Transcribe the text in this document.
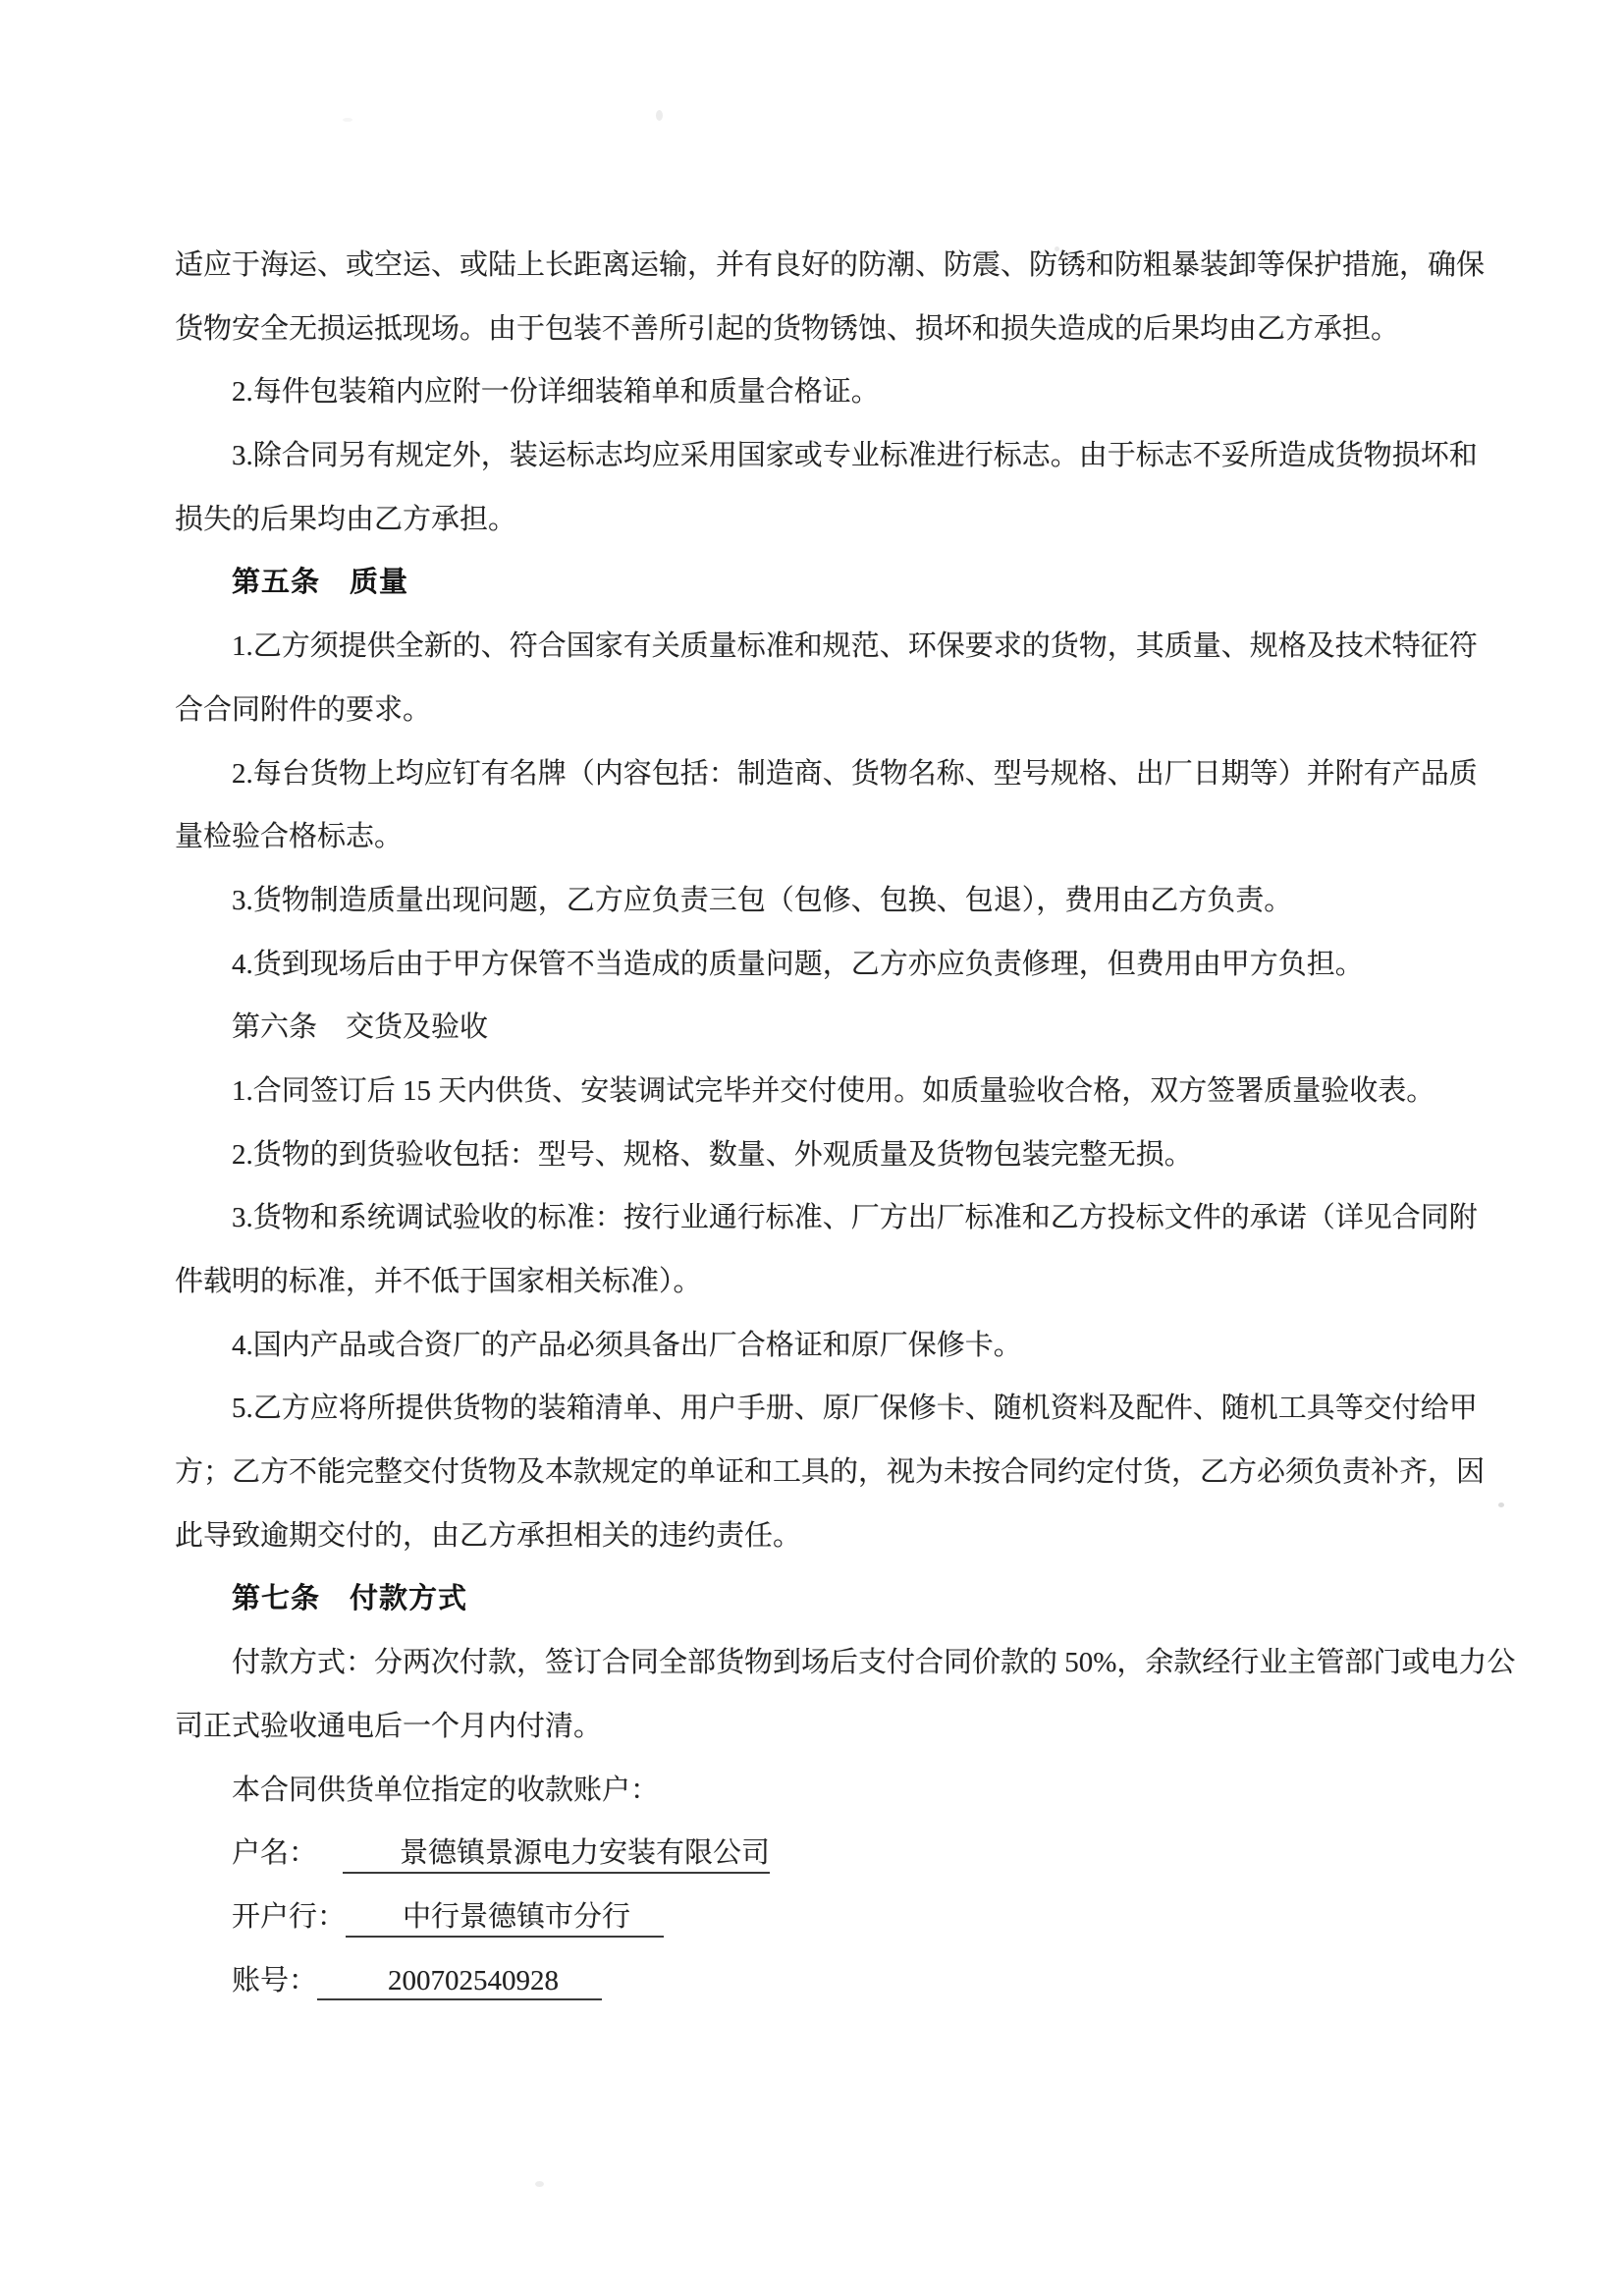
适应于海运、或空运、或陆上长距离运输，并有良好的防潮、防震、防锈和防粗暴装卸等保护措施，确保
货物安全无损运抵现场。由于包装不善所引起的货物锈蚀、损坏和损失造成的后果均由乙方承担。
2.每件包装箱内应附一份详细装箱单和质量合格证。
3.除合同另有规定外，装运标志均应采用国家或专业标准进行标志。由于标志不妥所造成货物损坏和
损失的后果均由乙方承担。
第五条　质量
1.乙方须提供全新的、符合国家有关质量标准和规范、环保要求的货物，其质量、规格及技术特征符
合合同附件的要求。
2.每台货物上均应钉有名牌（内容包括：制造商、货物名称、型号规格、出厂日期等）并附有产品质
量检验合格标志。
3.货物制造质量出现问题，乙方应负责三包（包修、包换、包退），费用由乙方负责。
4.货到现场后由于甲方保管不当造成的质量问题，乙方亦应负责修理，但费用由甲方负担。
第六条　交货及验收
1.合同签订后 15 天内供货、安装调试完毕并交付使用。如质量验收合格，双方签署质量验收表。
2.货物的到货验收包括：型号、规格、数量、外观质量及货物包装完整无损。
3.货物和系统调试验收的标准：按行业通行标准、厂方出厂标准和乙方投标文件的承诺（详见合同附
件载明的标准，并不低于国家相关标准）。
4.国内产品或合资厂的产品必须具备出厂合格证和原厂保修卡。
5.乙方应将所提供货物的装箱清单、用户手册、原厂保修卡、随机资料及配件、随机工具等交付给甲
方；乙方不能完整交付货物及本款规定的单证和工具的，视为未按合同约定付货，乙方必须负责补齐，因
此导致逾期交付的，由乙方承担相关的违约责任。
第七条　付款方式
付款方式：分两次付款，签订合同全部货物到场后支付合同价款的 50%，余款经行业主管部门或电力公
司正式验收通电后一个月内付清。
本合同供货单位指定的收款账户：
户名：	景德镇景源电力安装有限公司
开户行： 中行景德镇市分行
账号： 200702540928
